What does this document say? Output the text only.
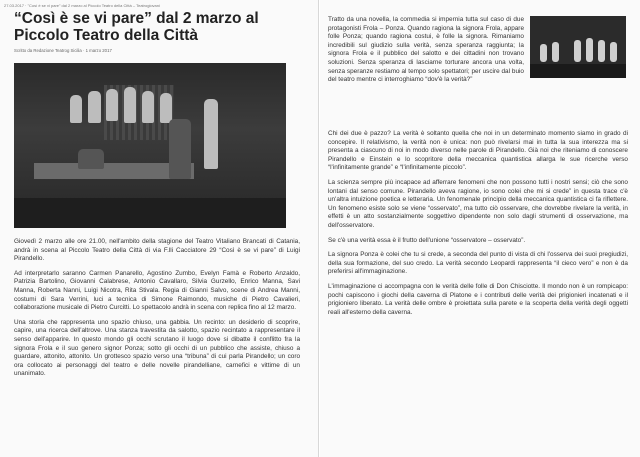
27.03.2017 · "Così è se vi pare" dal 2 marzo al Piccolo Teatro della Città – Teatrogiovani
“Così è se vi pare” dal 2 marzo al Piccolo Teatro della Città
Scritto da Redazione Teatrog Sicilia · 1 marzo 2017

Giovedì 2 marzo alle ore 21.00, nell'ambito della stagione del Teatro Vitaliano Brancati di Catania, andrà in scena al Piccolo Teatro della Città di via F.lli Cacciatore 29 “Così è se vi pare” di Luigi Pirandello.

Ad interpretarlo saranno Carmen Panarello, Agostino Zumbo, Evelyn Famà e Roberto Anzaldo, Patrizia Bartolino, Giovanni Calabrese, Antonio Cavallaro, Silvia Gurzello, Enrico Manna, Savi Manna, Roberta Nanni, Luigi Nicotra, Rita Stivala. Regia di Gianni Salvo, scene di Andrea Manni, costumi di Sara Verrini, luci a tecnica di Simone Raimondo, musiche di Pietro Cavalieri, collaborazione musicale di Pietro Curcitti. Lo spettacolo andrà in scena con replica fino al 12 marzo.

Una storia che rappresenta uno spazio chiuso, una gabbia. Un recinto: un desiderio di scoprire, capire, una ricerca dell'altrove. Una stanza travestita da salotto, spazio recintato a rappresentare il senso dell'apparire. In questo mondo gli occhi scrutano il luogo dove si dibatte il conflitto fra la signora Frola e il suo genero signor Ponza; sotto gli occhi di un pubblico che assiste, chiuso a guardare, attonito, attonito. Un grottesco spazio verso una “tribuna” di cui parla Pirandello; un coro ora collocato ai personaggi del teatro e delle novelle pirandelliane, carnefici e vittime di un unanimato.

Tratto da una novella, la commedia si impernia tutta sul caso di due protagonisti Frola – Ponza. Quando ragiona la signora Frola, appare folle Ponza; quando ragiona costui, è folle la signora. Rimaniamo incredibili sul giudizio sulla verità, senza speranza raggiunta; la signora Frola e il pubblico del salotto e dei cittadini non trovano soluzioni. Senza speranza di lasciarne torturare ancora una volta, senza speranze restiamo al tempo solo spettatori; per uscire dal buio del teatro mentre ci interroghiamo “dov'è la verità?”

Chi dei due è pazzo? La verità è soltanto quella che noi in un determinato momento siamo in grado di concepire. Il relativismo, la verità non è unica: non può rivelarsi mai in tutta la sua interezza ma si presenta a ciascuno di noi in modo diverso nelle parole di Pirandello. Già noi che riteniamo di conoscere Pirandello e Einstein e lo scopritore della meccanica quantistica allarga le sue ricerche verso “l'infinitamente grande” e “l'infinitamente piccolo”.

La scienza sempre più incapace ad afferrare fenomeni che non possono tutti i nostri sensi; ciò che sono lontani dal senso comune. Pirandello aveva ragione, io sono colei che mi si crede” in questa trace c'è un'altra intuizione poetica e letteraria. Un fenomenale principio della meccanica quantistica ci fa riflettere. Un fenomeno esiste solo se viene “osservato”, ma tutto ciò osservare, che dovrebbe rivelare la verità, in effetti è un atto sostanzialmente soggettivo dipendente non solo dagli strumenti di osservazione, ma dell'osservatore.

Se c'è una verità essa è il frutto dell'unione “osservatore – osservato”.

La signora Ponza è colei che tu si crede, a seconda del punto di vista di chi l'osserva dei suoi pregiudizi, della sua formazione, del suo credo. La verità secondo Leopardi rappresenta “il cieco vero” e non è da preferirsi all'immaginazione.

L'immaginazione ci accompagna con le verità delle folle di Don Chisciotte. Il mondo non è un rompicapo: pochi capiscono i giochi della caverna di Platone e i contributi delle verità dei prigionieri incatenati e il prigioniero liberato. La verità delle ombre è proiettata sulla parete e la scoperta della verità degli oggetti reali all'esterno della caverna.
